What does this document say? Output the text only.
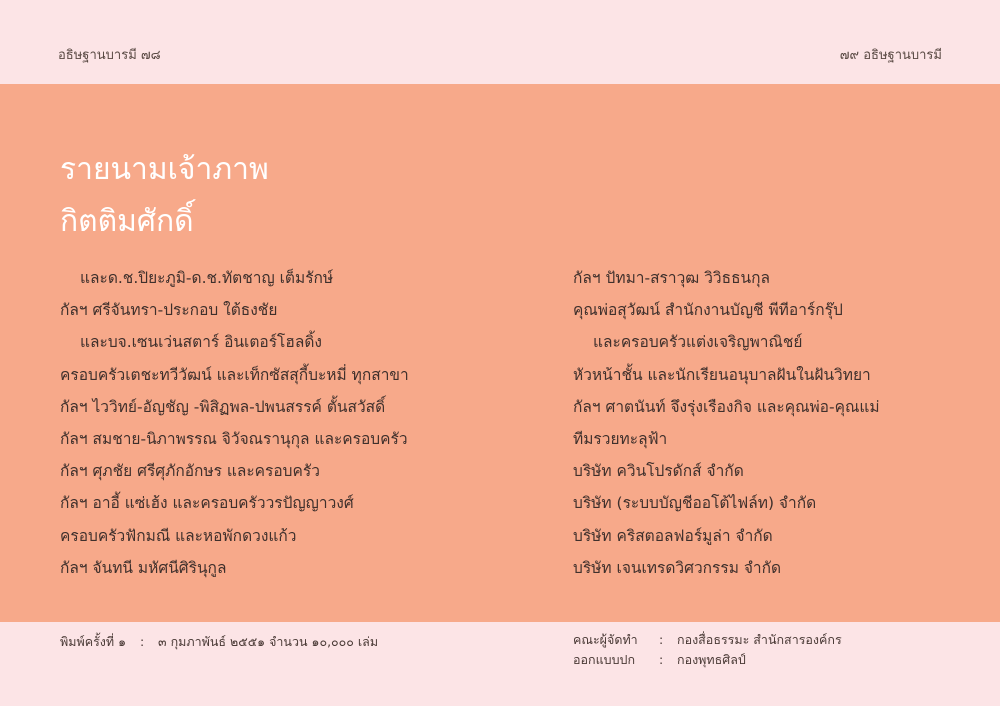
อธิษฐานบารมี ๗๘	๗๙ อธิษฐานบารมี
รายนามเจ้าภาพ
กิตติมศักดิ์
และด.ช.ปิยะภูมิ-ด.ช.ทัตชาญ เต็มรักษ์
กัลฯ ศรีจันทรา-ประกอบ ใต้ธงชัย
และบจ.เซนเว่นสตาร์ อินเตอร์โฮลดิ้ง
ครอบครัวเตชะทวีวัฒน์ และเท็กซัสสุกี้บะหมี่ ทุกสาขา
กัลฯ ไววิทย์-อัญชัญ -พิสิฏพล-ปพนสรรค์ ตั้นสวัสดิ์
กัลฯ สมชาย-นิภาพรรณ จิวัจณรานุกุล และครอบครัว
กัลฯ ศุภชัย ศรีศุภักอักษร และครอบครัว
กัลฯ อาอี้ แซ่เฮ้ง และครอบครัววรปัญญาวงศ์
ครอบครัวฟักมณี และหอพักดวงแก้ว
กัลฯ จันทนี มหัศนีศิรินุกูล
กัลฯ ปัทมา-สราวุฒ วิวิธธนกุล
คุณพ่อสุวัฒน์ สำนักงานบัญชี พีทีอาร์กรุ๊ป
และครอบครัวแต่งเจริญพาณิชย์
หัวหน้าชั้น และนักเรียนอนุบาลฝันในฝันวิทยา
กัลฯ ศาตนันท์ จึงรุ่งเรืองกิจ และคุณพ่อ-คุณแม่
ทีมรวยทะลุฟ้า
บริษัท ควินโปรดักส์ จำกัด
บริษัท (ระบบบัญชีออโต้ไฟล์ท) จำกัด
บริษัท คริสตอลฟอร์มูล่า จำกัด
บริษัท เจนเทรดวิศวกรรม จำกัด
พิมพ์ครั้งที่ ๑ : ๓ กุมภาพันธ์ ๒๕๕๑ จำนวน ๑๐,๐๐๐ เล่ม	คณะผู้จัดทำ : กองสื่อธรรมะ สำนักสารองค์กร
ออกแบบปก : กองพุทธศิลป์
